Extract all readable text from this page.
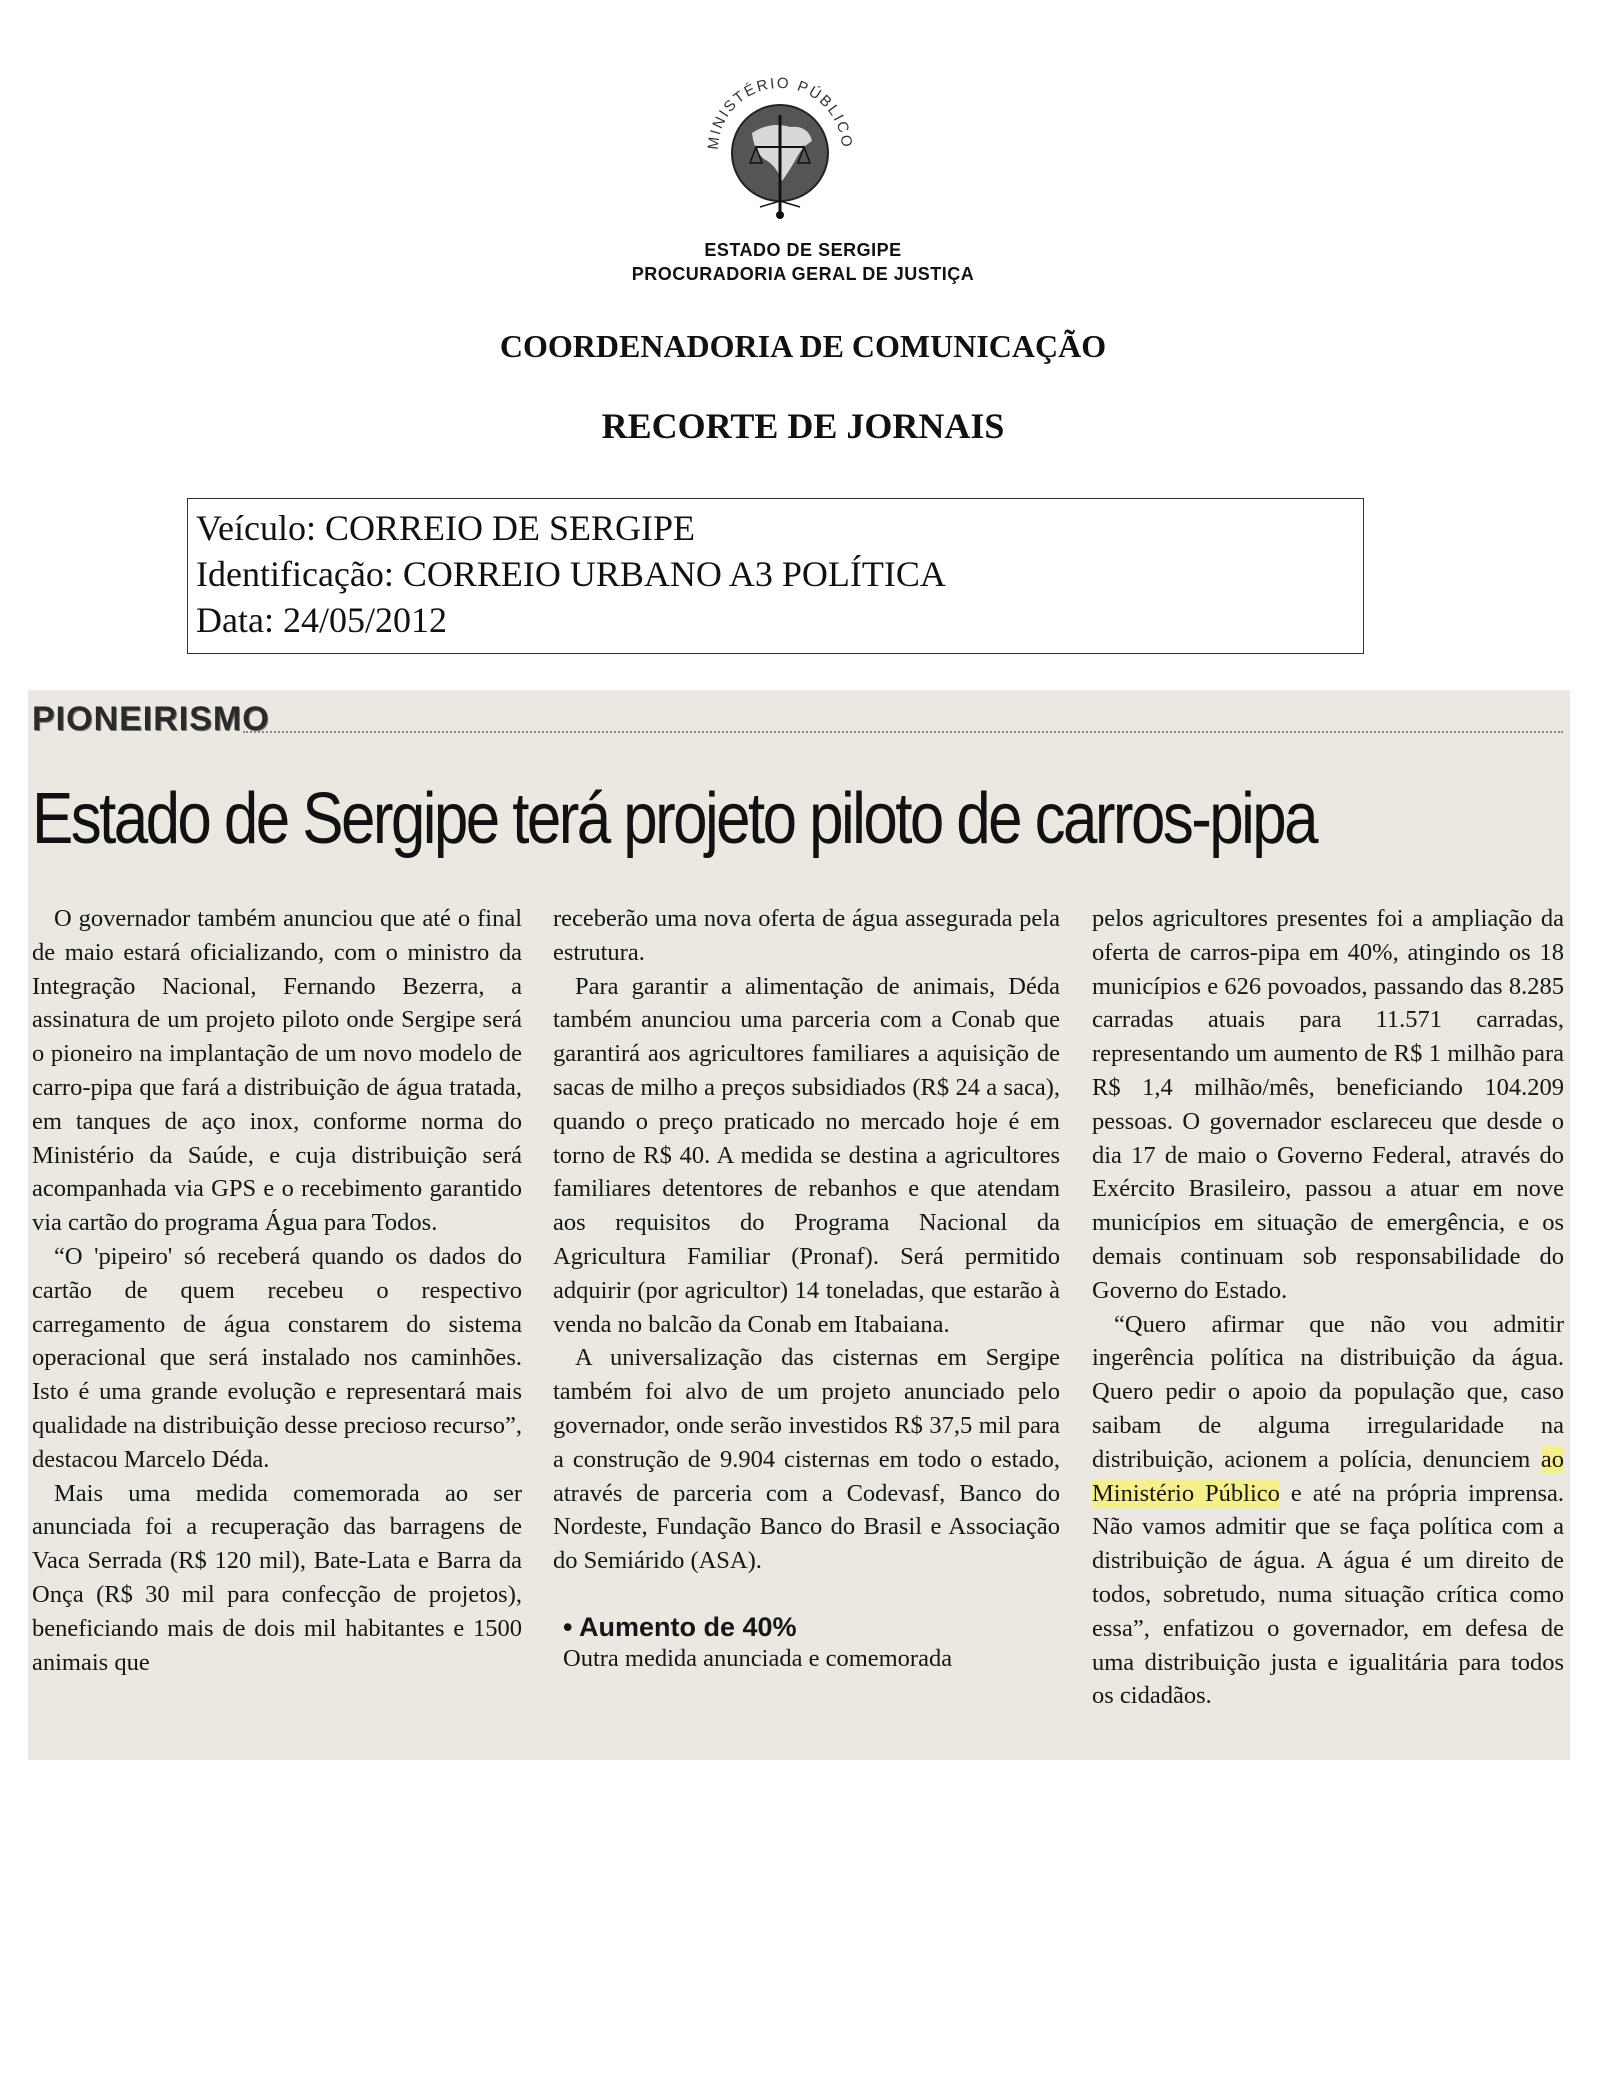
MINISTÉRIO PÚBLICO
ESTADO DE SERGIPE
PROCURADORIA GERAL DE JUSTIÇA
COORDENADORIA DE COMUNICAÇÃO
RECORTE DE JORNAIS
Veículo: CORREIO DE SERGIPE
Identificação: CORREIO URBANO A3 POLÍTICA
Data: 24/05/2012

PIONEIRISMO
Estado de Sergipe terá projeto piloto de carros-pipa

O governador também anunciou que até o final de maio estará oficializando, com o ministro da Integração Nacional, Fernando Bezerra, a assinatura de um projeto piloto onde Sergipe será o pioneiro na implantação de um novo modelo de carro-pipa que fará a distribuição de água tratada, em tanques de aço inox, conforme norma do Ministério da Saúde, e cuja distribuição será acompanhada via GPS e o recebimento garantido via cartão do programa Água para Todos.

“O 'pipeiro' só receberá quando os dados do cartão de quem recebeu o respectivo carregamento de água constarem do sistema operacional que será instalado nos caminhões. Isto é uma grande evolução e representará mais qualidade na distribuição desse precioso recurso”, destacou Marcelo Déda.

Mais uma medida comemorada ao ser anunciada foi a recuperação das barragens de Vaca Serrada (R$ 120 mil), Bate-Lata e Barra da Onça (R$ 30 mil para confecção de projetos), beneficiando mais de dois mil habitantes e 1500 animais que

receberão uma nova oferta de água assegurada pela estrutura.

Para garantir a alimentação de animais, Déda também anunciou uma parceria com a Conab que garantirá aos agricultores familiares a aquisição de sacas de milho a preços subsidiados (R$ 24 a saca), quando o preço praticado no mercado hoje é em torno de R$ 40. A medida se destina a agricultores familiares detentores de rebanhos e que atendam aos requisitos do Programa Nacional da Agricultura Familiar (Pronaf). Será permitido adquirir (por agricultor) 14 toneladas, que estarão à venda no balcão da Conab em Itabaiana.

A universalização das cisternas em Sergipe também foi alvo de um projeto anunciado pelo governador, onde serão investidos R$ 37,5 mil para a construção de 9.904 cisternas em todo o estado, através de parceria com a Codevasf, Banco do Nordeste, Fundação Banco do Brasil e Associação do Semiárido (ASA).

• Aumento de 40%

Outra medida anunciada e comemorada

pelos agricultores presentes foi a ampliação da oferta de carros-pipa em 40%, atingindo os 18 municípios e 626 povoados, passando das 8.285 carradas atuais para 11.571 carradas, representando um aumento de R$ 1 milhão para R$ 1,4 milhão/mês, beneficiando 104.209 pessoas. O governador esclareceu que desde o dia 17 de maio o Governo Federal, através do Exército Brasileiro, passou a atuar em nove municípios em situação de emergência, e os demais continuam sob responsabilidade do Governo do Estado.

“Quero afirmar que não vou admitir ingerência política na distribuição da água. Quero pedir o apoio da população que, caso saibam de alguma irregularidade na distribuição, acionem a polícia, denunciem ao Ministério Público e até na própria imprensa. Não vamos admitir que se faça política com a distribuição de água. A água é um direito de todos, sobretudo, numa situação crítica como essa”, enfatizou o governador, em defesa de uma distribuição justa e igualitária para todos os cidadãos.
